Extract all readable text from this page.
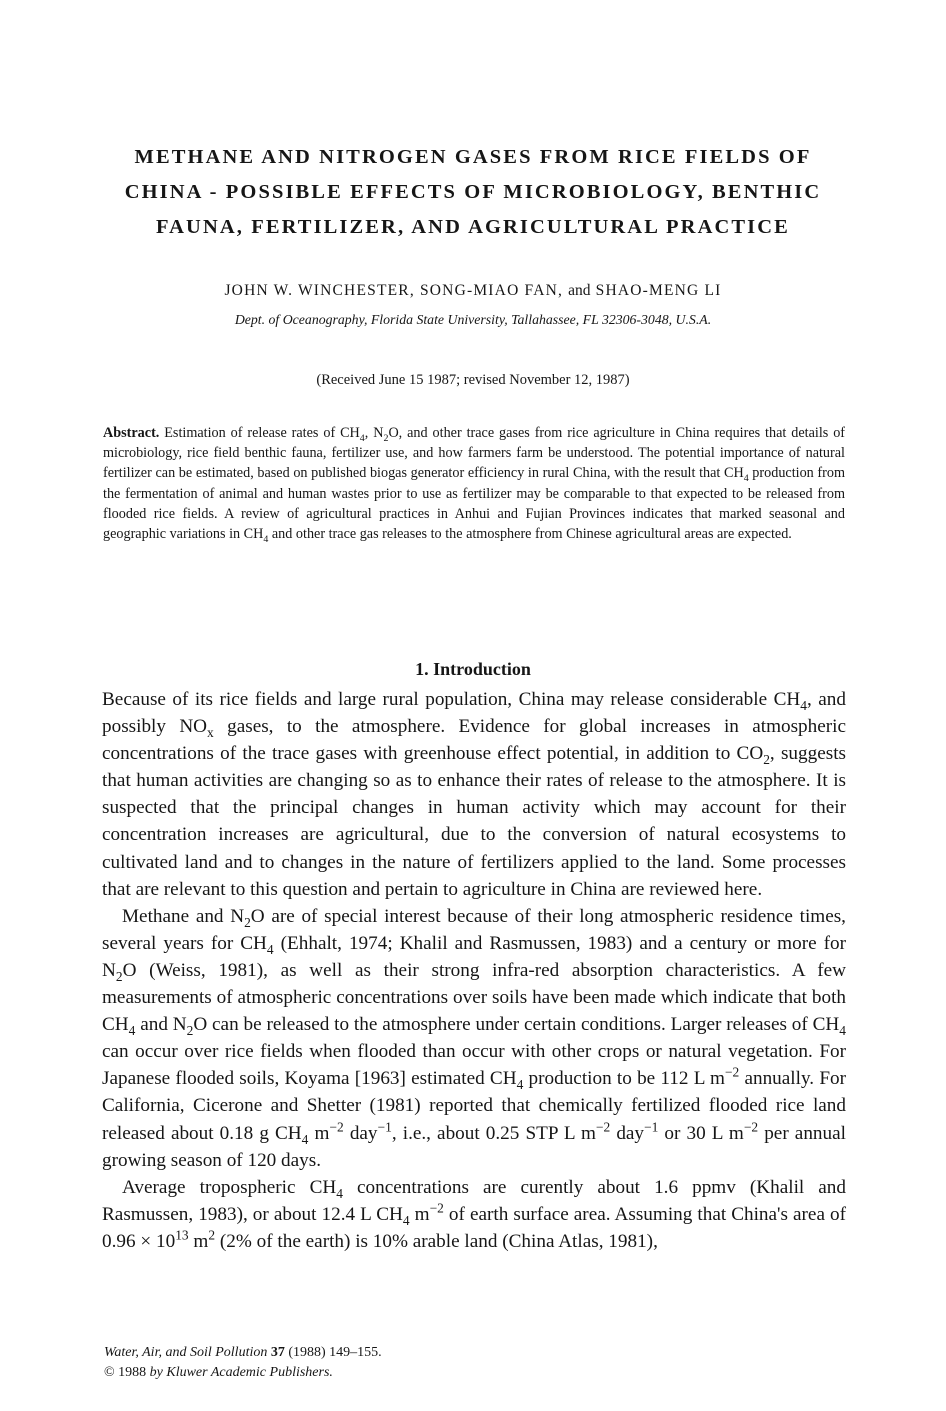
METHANE AND NITROGEN GASES FROM RICE FIELDS OF
CHINA - POSSIBLE EFFECTS OF MICROBIOLOGY, BENTHIC
FAUNA, FERTILIZER, AND AGRICULTURAL PRACTICE
JOHN W. WINCHESTER, SONG-MIAO FAN, and SHAO-MENG LI
Dept. of Oceanography, Florida State University, Tallahassee, FL 32306-3048, U.S.A.
(Received June 15 1987; revised November 12, 1987)

Abstract. Estimation of release rates of $CH_4$, $N_2O$, and other trace gases from rice agriculture in China requires that details of microbiology, rice field benthic fauna, fertilizer use, and how farmers farm be understood. The potential importance of natural fertilizer can be estimated, based on published biogas generator efficiency in rural China, with the result that $CH_4$ production from the fermentation of animal and human wastes prior to use as fertilizer may be comparable to that expected to be released from flooded rice fields. A review of agricultural practices in Anhui and Fujian Provinces indicates that marked seasonal and geographic variations in $CH_4$ and other trace gas releases to the atmosphere from Chinese agricultural areas are expected.

1. Introduction

Because of its rice fields and large rural population, China may release considerable $CH_4$, and possibly $NO_x$ gases, to the atmosphere. Evidence for global increases in atmospheric concentrations of the trace gases with greenhouse effect potential, in addition to $CO_2$, suggests that human activities are changing so as to enhance their rates of release to the atmosphere. It is suspected that the principal changes in human activity which may account for their concentration increases are agricultural, due to the conversion of natural ecosystems to cultivated land and to changes in the nature of fertilizers applied to the land. Some processes that are relevant to this question and pertain to agriculture in China are reviewed here.

Methane and $N_2O$ are of special interest because of their long atmospheric residence times, several years for $CH_4$ (Ehhalt, 1974; Khalil and Rasmussen, 1983) and a century or more for $N_2O$ (Weiss, 1981), as well as their strong infra-red absorption characteristics. A few measurements of atmospheric concentrations over soils have been made which indicate that both $CH_4$ and $N_2O$ can be released to the atmosphere under certain conditions. Larger releases of $CH_4$ can occur over rice fields when flooded than occur with other crops or natural vegetation. For Japanese flooded soils, Koyama [1963] estimated $CH_4$ production to be 112 L $m^{-2}$ annually. For California, Cicerone and Shetter (1981) reported that chemically fertilized flooded rice land released about 0.18 g $CH_4$ $m^{-2}$ day$^{-1}$, i.e., about 0.25 STP L $m^{-2}$ day$^{-1}$ or 30 L $m^{-2}$ per annual growing season of 120 days.

Average tropospheric $CH_4$ concentrations are curently about 1.6 ppmv (Khalil and Rasmussen, 1983), or about 12.4 L $CH_4$ $m^{-2}$ of earth surface area. Assuming that China's area of $0.96 \times 10^{13}$ $m^2$ (2% of the earth) is 10% arable land (China Atlas, 1981),

Water, Air, and Soil Pollution 37 (1988) 149–155.
© 1988 by Kluwer Academic Publishers.
